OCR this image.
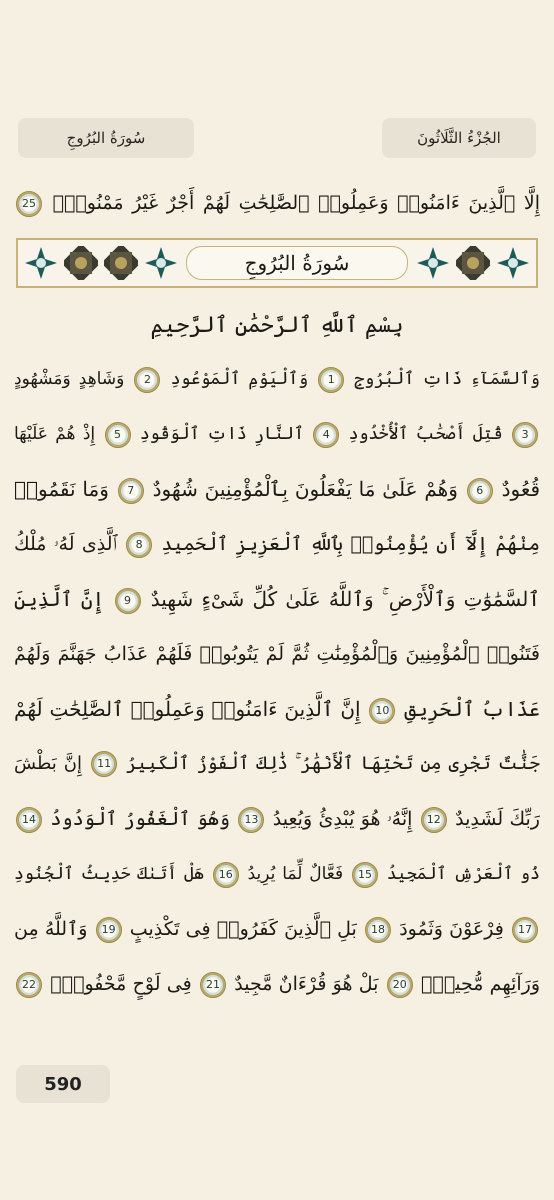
سُورَةُ البُرُوجِ	الجُزْءُ الثَّلَاثُونَ
إِلَّا ٱلَّذِينَ ءَامَنُوا۟ وَعَمِلُوا۟ ٱلصَّٰلِحَٰتِ لَهُمْ أَجْرٌ غَيْرُ مَمْنُونٍۭ 25
سُورَةُ البُرُوجِ
بِسْمِ ٱللَّهِ ٱلرَّحْمَٰنِ ٱلرَّحِيمِ
وَٱلسَّمَآءِ ذَاتِ ٱلْبُرُوجِ 1 وَٱلْيَوْمِ ٱلْمَوْعُودِ 2 وَشَاهِدٍ وَمَشْهُودٍ
3 قُتِلَ أَصْحَٰبُ ٱلْأُخْدُودِ 4 ٱلنَّارِ ذَاتِ ٱلْوَقُودِ 5 إِذْ هُمْ عَلَيْهَا
قُعُودٌ 6 وَهُمْ عَلَىٰ مَا يَفْعَلُونَ بِٱلْمُؤْمِنِينَ شُهُودٌ 7 وَمَا نَقَمُوا۟
مِنْهُمْ إِلَّآ أَن يُؤْمِنُوا۟ بِٱللَّهِ ٱلْعَزِيزِ ٱلْحَمِيدِ 8 ٱلَّذِى لَهُۥ مُلْكُ
ٱلسَّمَٰوَٰتِ وَٱلْأَرْضِ ۚ وَٱللَّهُ عَلَىٰ كُلِّ شَىْءٍ شَهِيدٌ 9 إِنَّ ٱلَّذِينَ
فَتَنُوا۟ ٱلْمُؤْمِنِينَ وَٱلْمُؤْمِنَٰتِ ثُمَّ لَمْ يَتُوبُوا۟ فَلَهُمْ عَذَابُ جَهَنَّمَ وَلَهُمْ
عَذَابُ ٱلْحَرِيقِ 10 إِنَّ ٱلَّذِينَ ءَامَنُوا۟ وَعَمِلُوا۟ ٱلصَّٰلِحَٰتِ لَهُمْ
جَنَّٰتٌ تَجْرِى مِن تَحْتِهَا ٱلْأَنْهَٰرُ ۚ ذَٰلِكَ ٱلْفَوْزُ ٱلْكَبِيرُ 11 إِنَّ بَطْشَ
رَبِّكَ لَشَدِيدٌ 12 إِنَّهُۥ هُوَ يُبْدِئُ وَيُعِيدُ 13 وَهُوَ ٱلْغَفُورُ ٱلْوَدُودُ 14
ذُو ٱلْعَرْشِ ٱلْمَجِيدُ 15 فَعَّالٌ لِّمَا يُرِيدُ 16 هَلْ أَتَىٰكَ حَدِيثُ ٱلْجُنُودِ
17 فِرْعَوْنَ وَثَمُودَ 18 بَلِ ٱلَّذِينَ كَفَرُوا۟ فِى تَكْذِيبٍ 19 وَٱللَّهُ مِن
وَرَآئِهِم مُّحِيطٌۢ 20 بَلْ هُوَ قُرْءَانٌ مَّجِيدٌ 21 فِى لَوْحٍ مَّحْفُوظٍۭ 22
590
